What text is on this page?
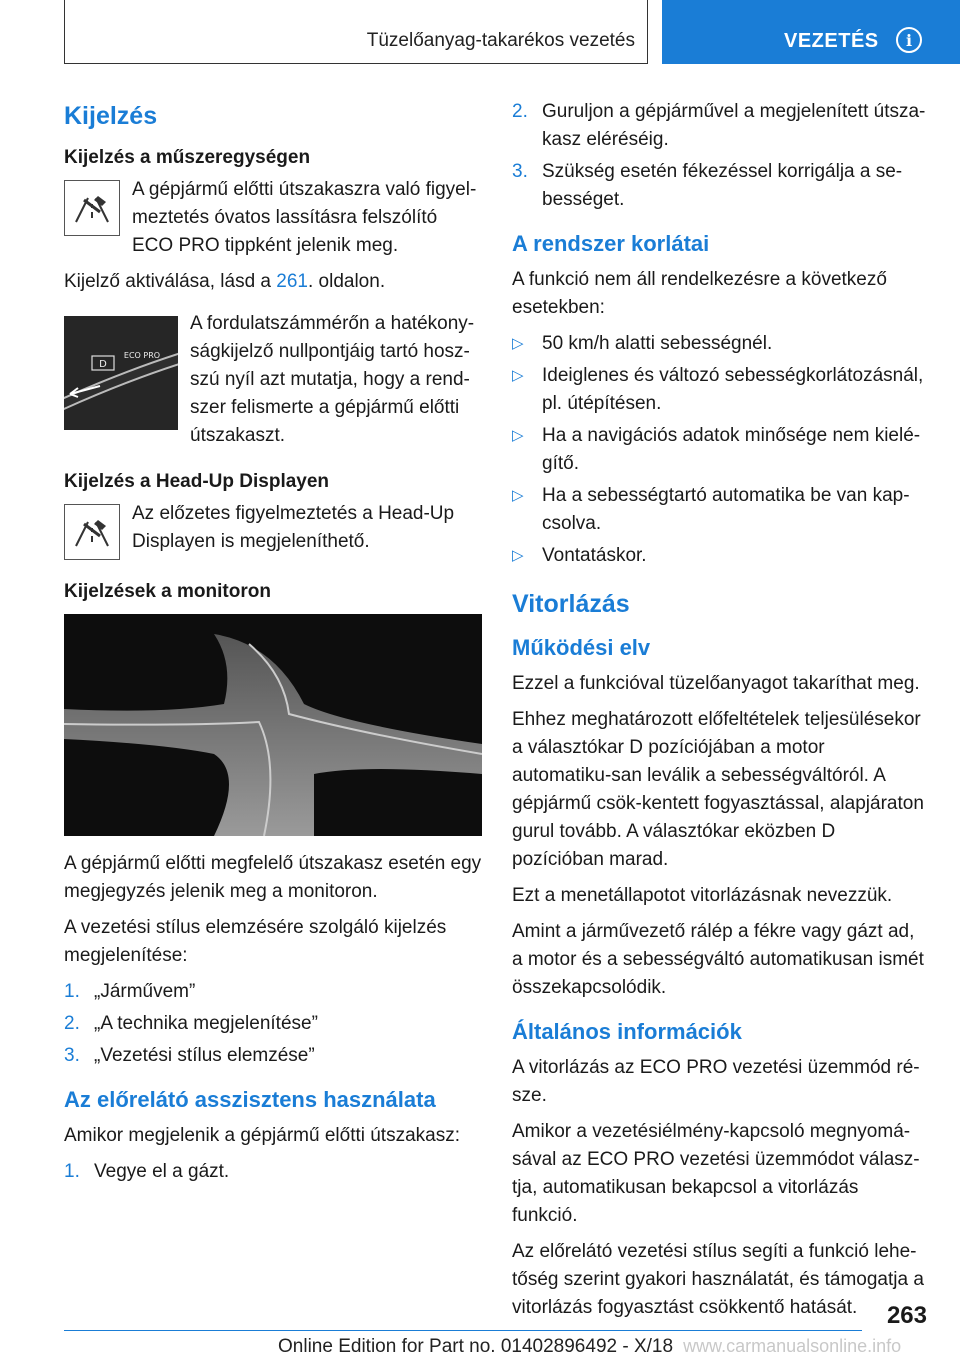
Tüzelőanyag-takarékos vezetés	VEZETÉS	i
Kijelzés
Kijelzés a műszeregységen
A gépjármű előtti útszakaszra való figyel-meztetés óvatos lassításra felszólító ECO PRO tippként jelenik meg.

Kijelző aktiválása, lásd a 261. oldalon.

D
ECO PRO
A fordulatszámmérőn a hatékony-ságkijelző nullpontjáig tartó hosz-szú nyíl azt mutatja, hogy a rend-szer felismerte a gépjármű előtti útszakaszt.
Kijelzés a Head-Up Displayen
Az előzetes figyelmeztetés a Head-Up Displayen is megjeleníthető.
Kijelzések a monitoron

A gépjármű előtti megfelelő útszakasz esetén egy megjegyzés jelenik meg a monitoron.

A vezetési stílus elemzésére szolgáló kijelzés megjelenítése:

1. „Járművem”
2. „A technika megjelenítése”
3. „Vezetési stílus elemzése”
Az előrelátó asszisztens használata

Amikor megjelenik a gépjármű előtti útszakasz:

1. Vegye el a gázt.
2. Guruljon a gépjárművel a megjelenített útsza-kasz eléréséig.
3. Szükség esetén fékezéssel korrigálja a se-bességet.
A rendszer korlátai

A funkció nem áll rendelkezésre a következő esetekben:

▷ 50 km/h alatti sebességnél.
▷ Ideiglenes és változó sebességkorlátozásnál, pl. útépítésen.
▷ Ha a navigációs adatok minősége nem kielé-gítő.
▷ Ha a sebességtartó automatika be van kap-csolva.
▷ Vontatáskor.
Vitorlázás
Működési elv

Ezzel a funkcióval tüzelőanyagot takaríthat meg.

Ehhez meghatározott előfeltételek teljesülésekor a választókar D pozíciójában a motor automatiku-san leválik a sebességváltóról. A gépjármű csök-kentett fogyasztással, alapjáraton gurul tovább. A választókar eközben D pozícióban marad.

Ezt a menetállapotot vitorlázásnak nevezzük.

Amint a járművezető rálép a fékre vagy gázt ad, a motor és a sebességváltó automatikusan ismét összekapcsolódik.

Általános információk

A vitorlázás az ECO PRO vezetési üzemmód ré-sze.

Amikor a vezetésiélmény-kapcsoló megnyomá-sával az ECO PRO vezetési üzemmódot válasz-tja, automatikusan bekapcsol a vitorlázás funkció.

Az előrelátó vezetési stílus segíti a funkció lehe-tőség szerint gyakori használatát, és támogatja a vitorlázás fogyasztást csökkentő hatását.	263
Online Edition for Part no. 01402896492 - X/18 www.carmanualsonline.info
